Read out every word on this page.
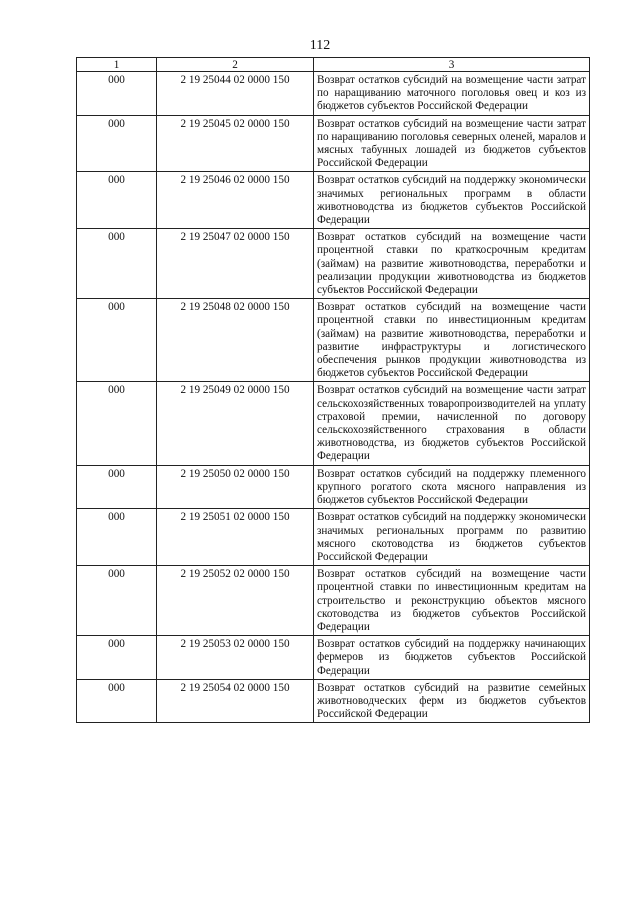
112
1	2	3
000	2 19 25044 02 0000 150	Возврат остатков субсидий на возмещение части затрат по наращиванию маточного поголовья овец и коз из бюджетов субъектов Российской Федерации
000	2 19 25045 02 0000 150	Возврат остатков субсидий на возмещение части затрат по наращиванию поголовья северных оленей, маралов и мясных табунных лошадей из бюджетов субъектов Российской Федерации
000	2 19 25046 02 0000 150	Возврат остатков субсидий на поддержку экономически значимых региональных программ в области животноводства из бюджетов субъектов Российской Федерации
000	2 19 25047 02 0000 150	Возврат остатков субсидий на возмещение части процентной ставки по краткосрочным кредитам (займам) на развитие животноводства, переработки и реализации продукции животноводства из бюджетов субъектов Российской Федерации
000	2 19 25048 02 0000 150	Возврат остатков субсидий на возмещение части процентной ставки по инвестиционным кредитам (займам) на развитие животноводства, переработки и развитие инфраструктуры и логистического обеспечения рынков продукции животноводства из бюджетов субъектов Российской Федерации
000	2 19 25049 02 0000 150	Возврат остатков субсидий на возмещение части затрат сельскохозяйственных товаропроизводителей на уплату страховой премии, начисленной по договору сельскохозяйственного страхования в области животноводства, из бюджетов субъектов Российской Федерации
000	2 19 25050 02 0000 150	Возврат остатков субсидий на поддержку племенного крупного рогатого скота мясного направления из бюджетов субъектов Российской Федерации
000	2 19 25051 02 0000 150	Возврат остатков субсидий на поддержку экономически значимых региональных программ по развитию мясного скотоводства из бюджетов субъектов Российской Федерации
000	2 19 25052 02 0000 150	Возврат остатков субсидий на возмещение части процентной ставки по инвестиционным кредитам на строительство и реконструкцию объектов мясного скотоводства из бюджетов субъектов Российской Федерации
000	2 19 25053 02 0000 150	Возврат остатков субсидий на поддержку начинающих фермеров из бюджетов субъектов Российской Федерации
000	2 19 25054 02 0000 150	Возврат остатков субсидий на развитие семейных животноводческих ферм из бюджетов субъектов Российской Федерации
